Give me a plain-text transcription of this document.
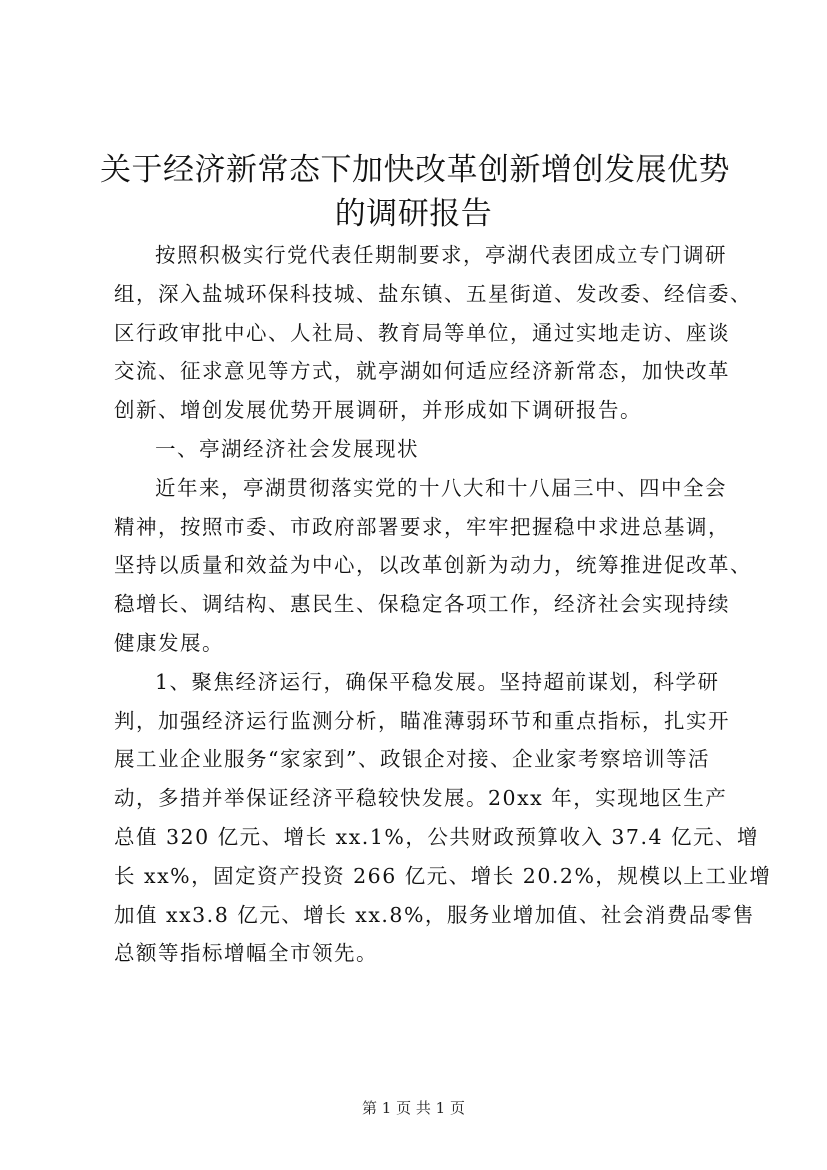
关于经济新常态下加快改革创新增创发展优势
的调研报告

按照积极实行党代表任期制要求，亭湖代表团成立专门调研
组，深入盐城环保科技城、盐东镇、五星街道、发改委、经信委、
区行政审批中心、人社局、教育局等单位，通过实地走访、座谈
交流、征求意见等方式，就亭湖如何适应经济新常态，加快改革
创新、增创发展优势开展调研，并形成如下调研报告。

一、亭湖经济社会发展现状

近年来，亭湖贯彻落实党的十八大和十八届三中、四中全会
精神，按照市委、市政府部署要求，牢牢把握稳中求进总基调，
坚持以质量和效益为中心，以改革创新为动力，统筹推进促改革、
稳增长、调结构、惠民生、保稳定各项工作，经济社会实现持续
健康发展。

1、聚焦经济运行，确保平稳发展。坚持超前谋划，科学研
判，加强经济运行监测分析，瞄准薄弱环节和重点指标，扎实开
展工业企业服务“家家到”、政银企对接、企业家考察培训等活
动，多措并举保证经济平稳较快发展。20xx 年，实现地区生产
总值 320 亿元、增长 xx.1%，公共财政预算收入 37.4 亿元、增
长 xx%，固定资产投资 266 亿元、增长 20.2%，规模以上工业增
加值 xx3.8 亿元、增长 xx.8%，服务业增加值、社会消费品零售
总额等指标增幅全市领先。

第 1 页 共 1 页
